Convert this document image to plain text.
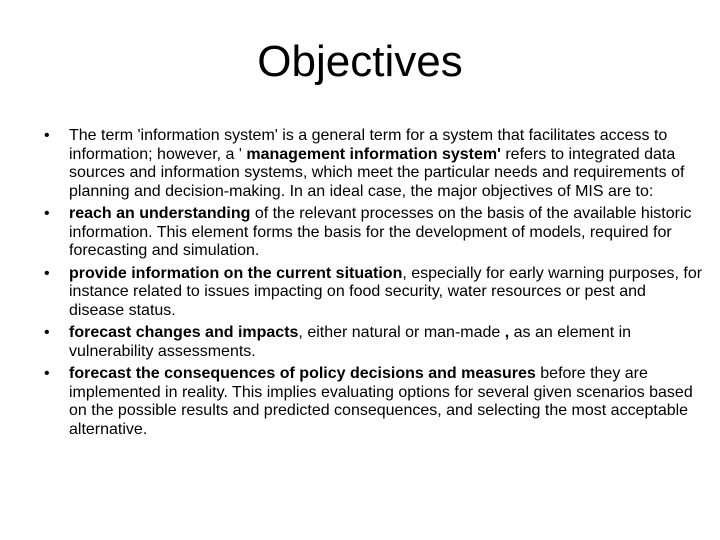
Objectives
• The term 'information system' is a general term for a system that facilitates access to information; however, a ' management information system' refers to integrated data sources and information systems, which meet the particular needs and requirements of planning and decision-making. In an ideal case, the major objectives of MIS are to:
• reach an understanding of the relevant processes on the basis of the available historic information. This element forms the basis for the development of models, required for forecasting and simulation.
• provide information on the current situation, especially for early warning purposes, for instance related to issues impacting on food security, water resources or pest and disease status.
• forecast changes and impacts, either natural or man-made , as an element in vulnerability assessments.
• forecast the consequences of policy decisions and measures before they are implemented in reality. This implies evaluating options for several given scenarios based on the possible results and predicted consequences, and selecting the most acceptable alternative.
